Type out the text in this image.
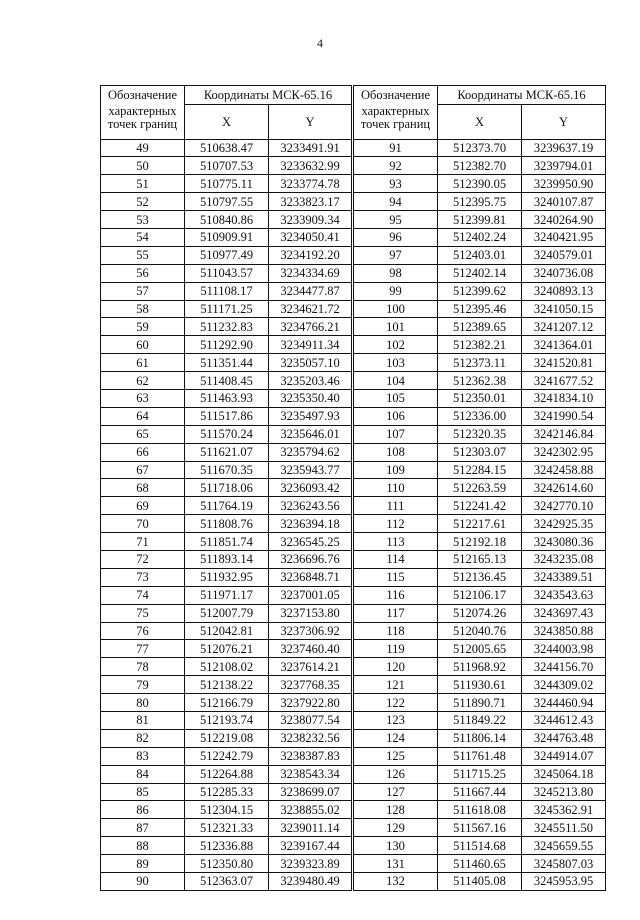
4
Обозначение	Координаты МСК-65.16	
характерных
точек границ	X	Y
49	510638.47	3233491.91
50	510707.53	3233632.99
51	510775.11	3233774.78
52	510797.55	3233823.17
53	510840.86	3233909.34
54	510909.91	3234050.41
55	510977.49	3234192.20
56	511043.57	3234334.69
57	511108.17	3234477.87
58	511171.25	3234621.72
59	511232.83	3234766.21
60	511292.90	3234911.34
61	511351.44	3235057.10
62	511408.45	3235203.46
63	511463.93	3235350.40
64	511517.86	3235497.93
65	511570.24	3235646.01
66	511621.07	3235794.62
67	511670.35	3235943.77
68	511718.06	3236093.42
69	511764.19	3236243.56
70	511808.76	3236394.18
71	511851.74	3236545.25
72	511893.14	3236696.76
73	511932.95	3236848.71
74	511971.17	3237001.05
75	512007.79	3237153.80
76	512042.81	3237306.92
77	512076.21	3237460.40
78	512108.02	3237614.21
79	512138.22	3237768.35
80	512166.79	3237922.80
81	512193.74	3238077.54
82	512219.08	3238232.56
83	512242.79	3238387.83
84	512264.88	3238543.34
85	512285.33	3238699.07
86	512304.15	3238855.02
87	512321.33	3239011.14
88	512336.88	3239167.44
89	512350.80	3239323.89
90	512363.07	3239480.49
Обозначение	Координаты МСК-65.16	
характерных
точек границ	X	Y
91	512373.70	3239637.19
92	512382.70	3239794.01
93	512390.05	3239950.90
94	512395.75	3240107.87
95	512399.81	3240264.90
96	512402.24	3240421.95
97	512403.01	3240579.01
98	512402.14	3240736.08
99	512399.62	3240893.13
100	512395.46	3241050.15
101	512389.65	3241207.12
102	512382.21	3241364.01
103	512373.11	3241520.81
104	512362.38	3241677.52
105	512350.01	3241834.10
106	512336.00	3241990.54
107	512320.35	3242146.84
108	512303.07	3242302.95
109	512284.15	3242458.88
110	512263.59	3242614.60
111	512241.42	3242770.10
112	512217.61	3242925.35
113	512192.18	3243080.36
114	512165.13	3243235.08
115	512136.45	3243389.51
116	512106.17	3243543.63
117	512074.26	3243697.43
118	512040.76	3243850.88
119	512005.65	3244003.98
120	511968.92	3244156.70
121	511930.61	3244309.02
122	511890.71	3244460.94
123	511849.22	3244612.43
124	511806.14	3244763.48
125	511761.48	3244914.07
126	511715.25	3245064.18
127	511667.44	3245213.80
128	511618.08	3245362.91
129	511567.16	3245511.50
130	511514.68	3245659.55
131	511460.65	3245807.03
132	511405.08	3245953.95
